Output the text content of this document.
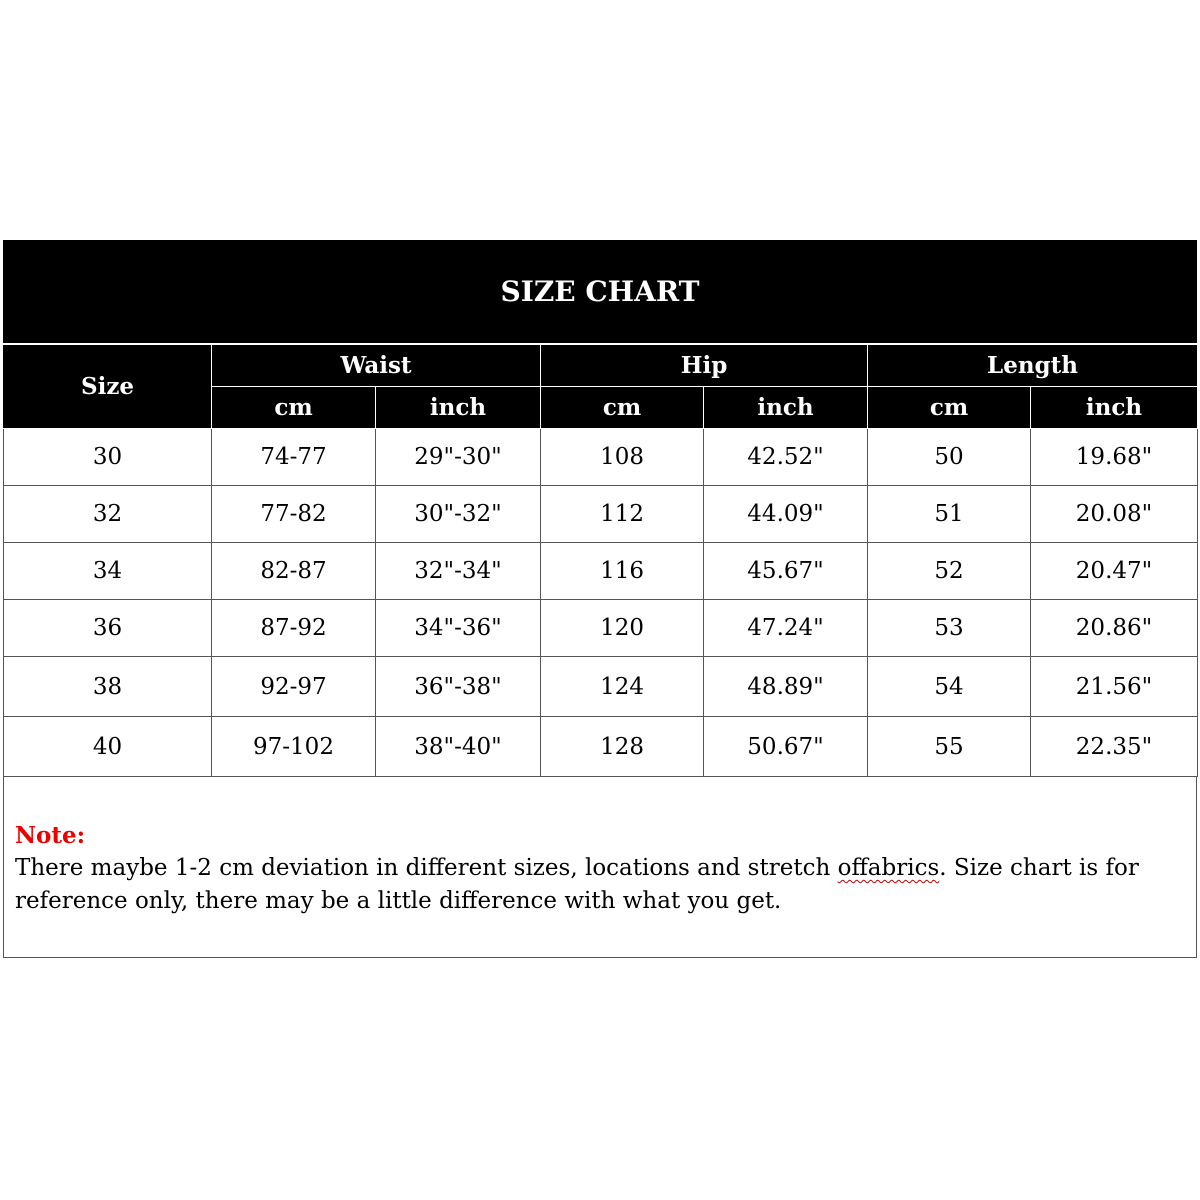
SIZE CHART
Size	Waist		Hip		Length	
	cm	inch	cm	inch	cm	inch
30	74-77	29"-30"	108	42.52"	50	19.68"
32	77-82	30"-32"	112	44.09"	51	20.08"
34	82-87	32"-34"	116	45.67"	52	20.47"
36	87-92	34"-36"	120	47.24"	53	20.86"
38	92-97	36"-38"	124	48.89"	54	21.56"
40	97-102	38"-40"	128	50.67"	55	22.35"
Note:
There maybe 1-2 cm deviation in different sizes, locations and stretch offabrics. Size chart is for reference only, there may be a little difference with what you get.
